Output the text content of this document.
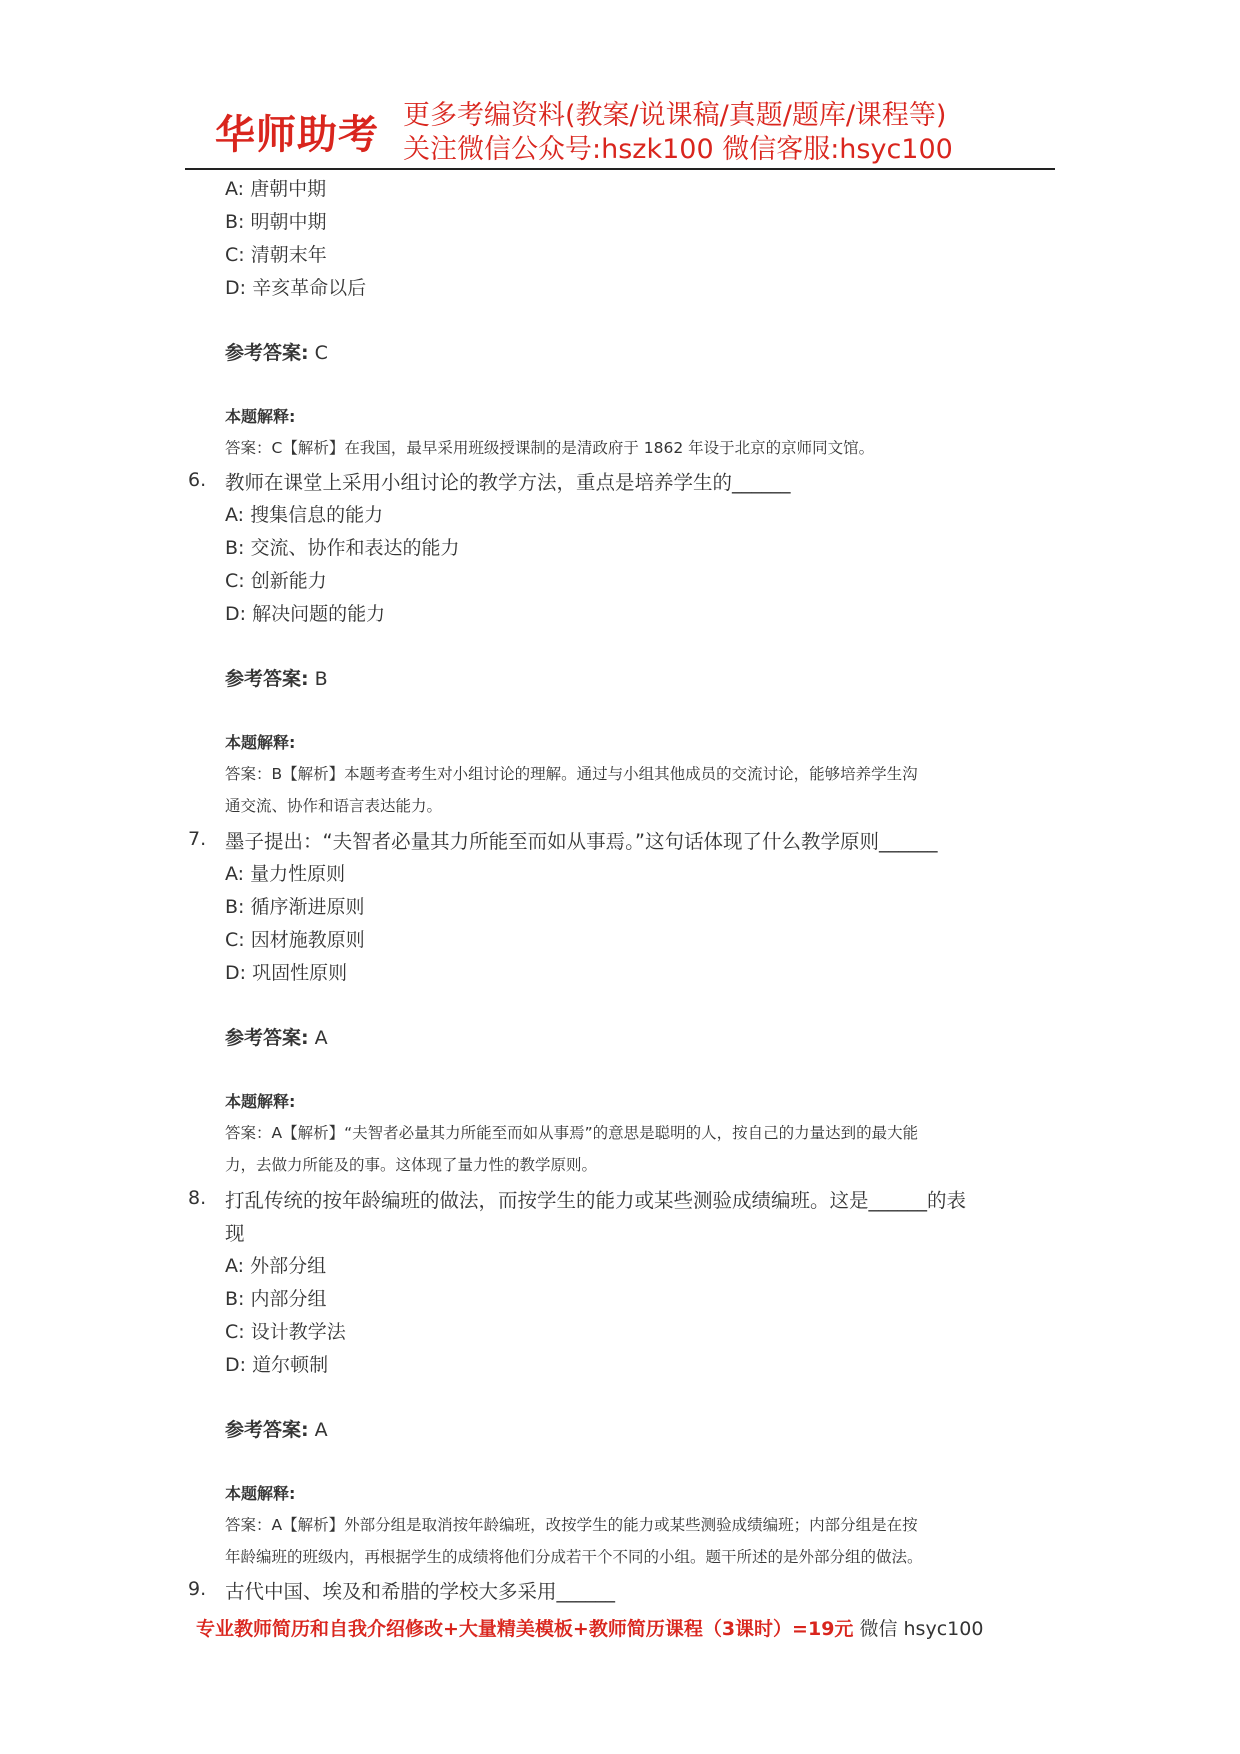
华师助考 更多考编资料(教案/说课稿/真题/题库/课程等)
关注微信公众号:hszk100 微信客服:hsyc100
A: 唐朝中期
B: 明朝中期
C: 清朝末年
D: 辛亥革命以后
参考答案: C
本题解释:
答案：C【解析】在我国，最早采用班级授课制的是清政府于 1862 年设于北京的京师同文馆。
6. 教师在课堂上采用小组讨论的教学方法，重点是培养学生的______
A: 搜集信息的能力
B: 交流、协作和表达的能力
C: 创新能力
D: 解决问题的能力
参考答案: B
本题解释:
答案：B【解析】本题考查考生对小组讨论的理解。通过与小组其他成员的交流讨论，能够培养学生沟
通交流、协作和语言表达能力。
7. 墨子提出：“夫智者必量其力所能至而如从事焉。”这句话体现了什么教学原则______
A: 量力性原则
B: 循序渐进原则
C: 因材施教原则
D: 巩固性原则
参考答案: A
本题解释:
答案：A【解析】“夫智者必量其力所能至而如从事焉”的意思是聪明的人，按自己的力量达到的最大能
力，去做力所能及的事。这体现了量力性的教学原则。
8. 打乱传统的按年龄编班的做法，而按学生的能力或某些测验成绩编班。这是______的表
现
A: 外部分组
B: 内部分组
C: 设计教学法
D: 道尔顿制
参考答案: A
本题解释:
答案：A【解析】外部分组是取消按年龄编班，改按学生的能力或某些测验成绩编班；内部分组是在按
年龄编班的班级内，再根据学生的成绩将他们分成若干个不同的小组。题干所述的是外部分组的做法。
9. 古代中国、埃及和希腊的学校大多采用______
专业教师简历和自我介绍修改+大量精美模板+教师简历课程（3课时）=19元 微信 hsyc100
